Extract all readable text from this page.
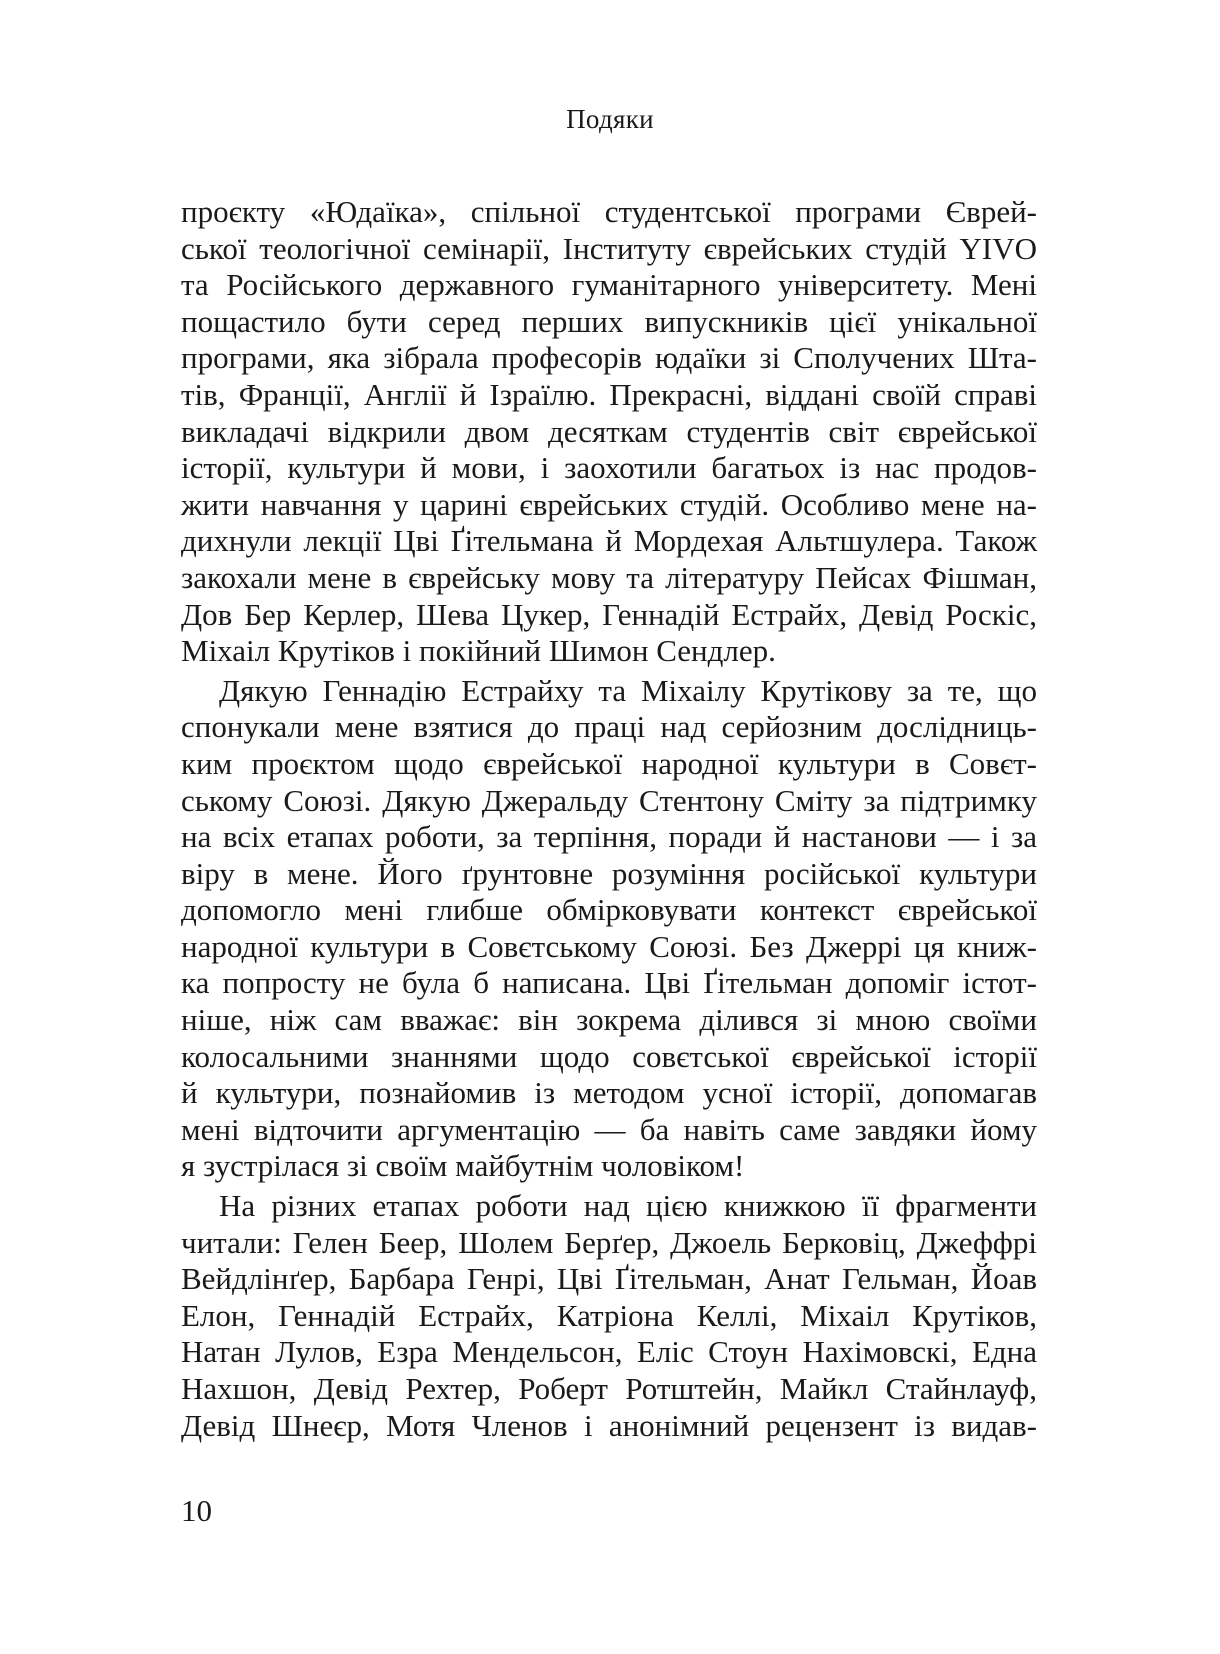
Подяки
проєкту «Юдаїка», спільної студентської програми Єврей-
ської теологічної семінарії, Інституту єврейських студій YIVO
та Російського державного гуманітарного університету. Мені
пощастило бути серед перших випускників цієї унікальної
програми, яка зібрала професорів юдаїки зі Сполучених Шта-
тів, Франції, Англії й Ізраїлю. Прекрасні, віддані своїй справі
викладачі відкрили двом десяткам студентів світ єврейської
історії, культури й мови, і заохотили багатьох із нас продов-
жити навчання у царині єврейських студій. Особливо мене на-
дихнули лекції Цві Ґітельмана й Мордехая Альтшулера. Також
закохали мене в єврейську мову та літературу Пейсах Фішман,
Дов Бер Керлер, Шева Цукер, Геннадій Естрайх, Девід Роскіс,
Міхаіл Крутіков і покійний Шимон Сендлер.
Дякую Геннадію Естрайху та Міхаілу Крутікову за те, що
спонукали мене взятися до праці над серйозним дослідниць-
ким проєктом щодо єврейської народної культури в Совєт-
ському Союзі. Дякую Джеральду Стентону Сміту за підтримку
на всіх етапах роботи, за терпіння, поради й настанови — і за
віру в мене. Його ґрунтовне розуміння російської культури
допомогло мені глибше обмірковувати контекст єврейської
народної культури в Совєтському Союзі. Без Джеррі ця книж-
ка попросту не була б написана. Цві Ґітельман допоміг істот-
ніше, ніж сам вважає: він зокрема ділився зі мною своїми
колосальними знаннями щодо совєтської єврейської історії
й культури, познайомив із методом усної історії, допомагав
мені відточити аргументацію — ба навіть саме завдяки йому
я зустрілася зі своїм майбутнім чоловіком!
На різних етапах роботи над цією книжкою її фрагменти
читали: Гелен Беер, Шолем Берґер, Джоель Берковіц, Джеффрі
Вейдлінґер, Барбара Генрі, Цві Ґітельман, Анат Гельман, Йоав
Елон, Геннадій Естрайх, Катріона Келлі, Міхаіл Крутіков,
Натан Лулов, Езра Мендельсон, Еліс Стоун Нахімовскі, Една
Нахшон, Девід Рехтер, Роберт Ротштейн, Майкл Стайнлауф,
Девід Шнеєр, Мотя Членов і анонімний рецензент із видав-
10
